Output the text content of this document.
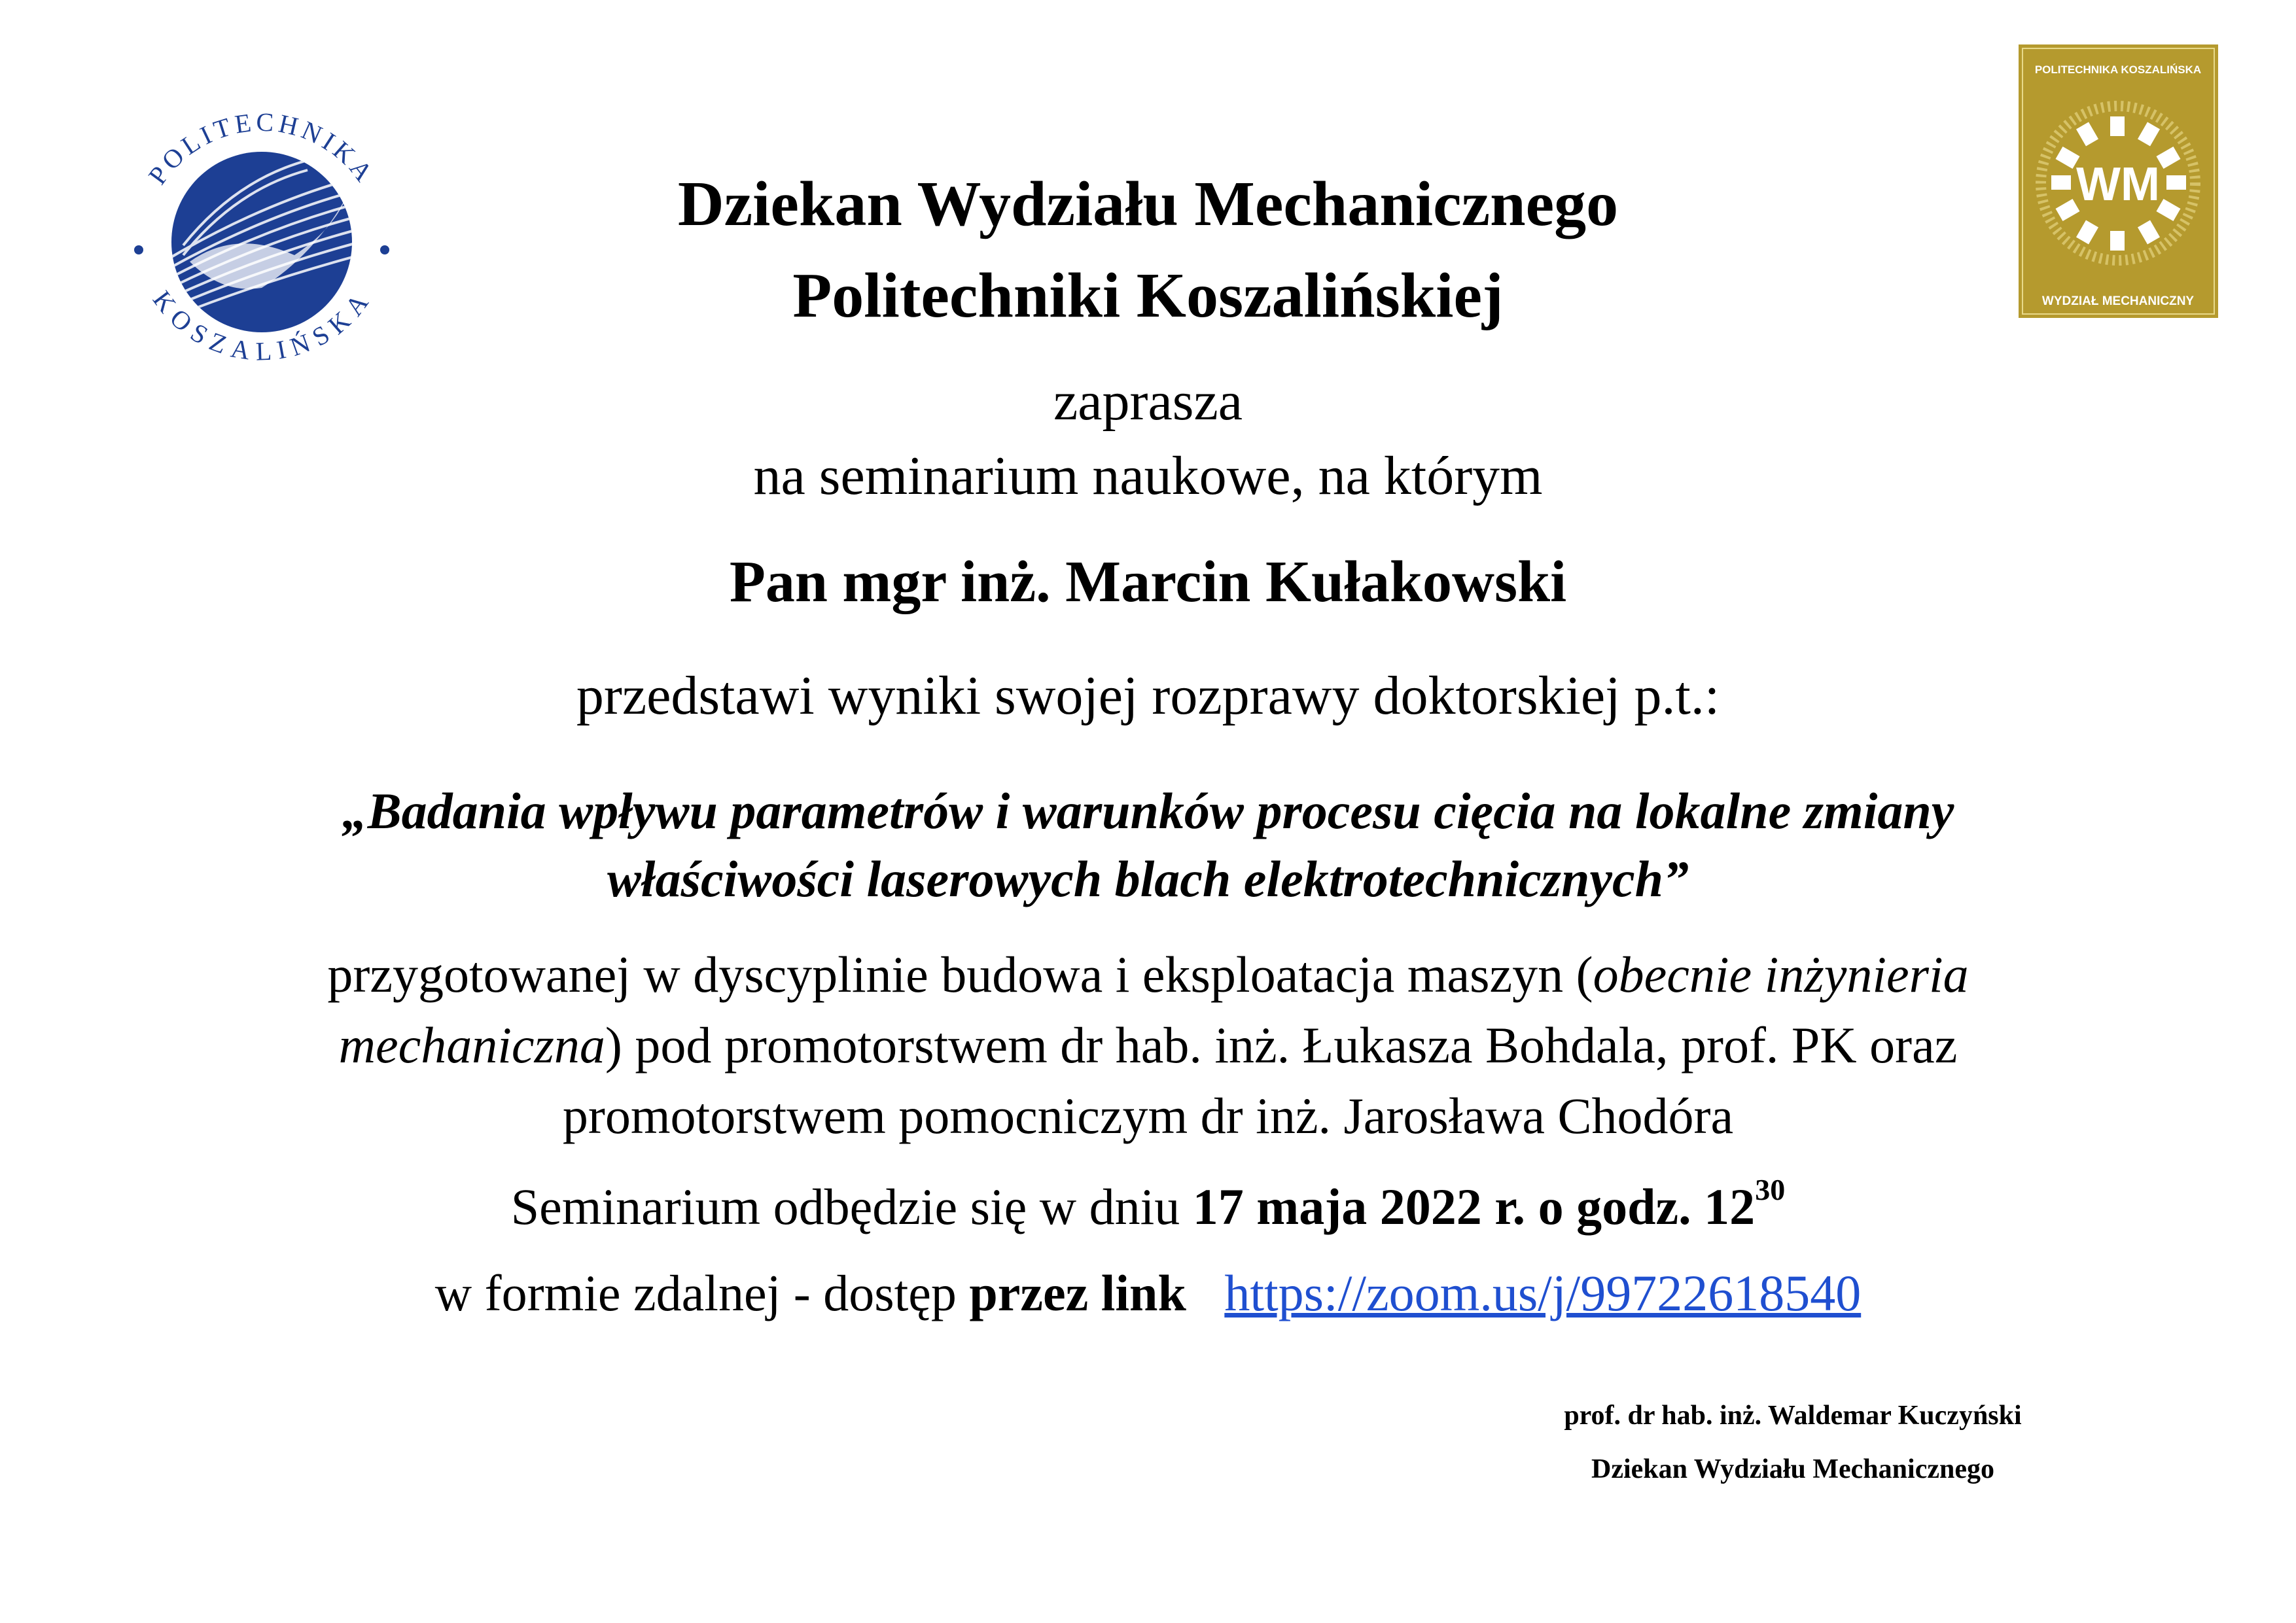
POLITECHNIKA
KOSZALIŃSKA
POLITECHNIKA KOSZALIŃSKA
WM
WYDZIAŁ MECHANICZNY
Dziekan Wydziału Mechanicznego
Politechniki Koszalińskiej
zaprasza
na seminarium naukowe, na którym
Pan mgr inż. Marcin Kułakowski
przedstawi wyniki swojej rozprawy doktorskiej p.t.:
„Badania wpływu parametrów i warunków procesu cięcia na lokalne zmiany
właściwości laserowych blach elektrotechnicznych”
przygotowanej w dyscyplinie budowa i eksploatacja maszyn (obecnie inżynieria
mechaniczna) pod promotorstwem dr hab. inż. Łukasza Bohdala, prof. PK oraz
promotorstwem pomocniczym dr inż. Jarosława Chodóra
Seminarium odbędzie się w dniu 17 maja 2022 r. o godz. $12^{30}$
w formie zdalnej - dostęp przez link https://zoom.us/j/99722618540
prof. dr hab. inż. Waldemar Kuczyński
Dziekan Wydziału Mechanicznego
